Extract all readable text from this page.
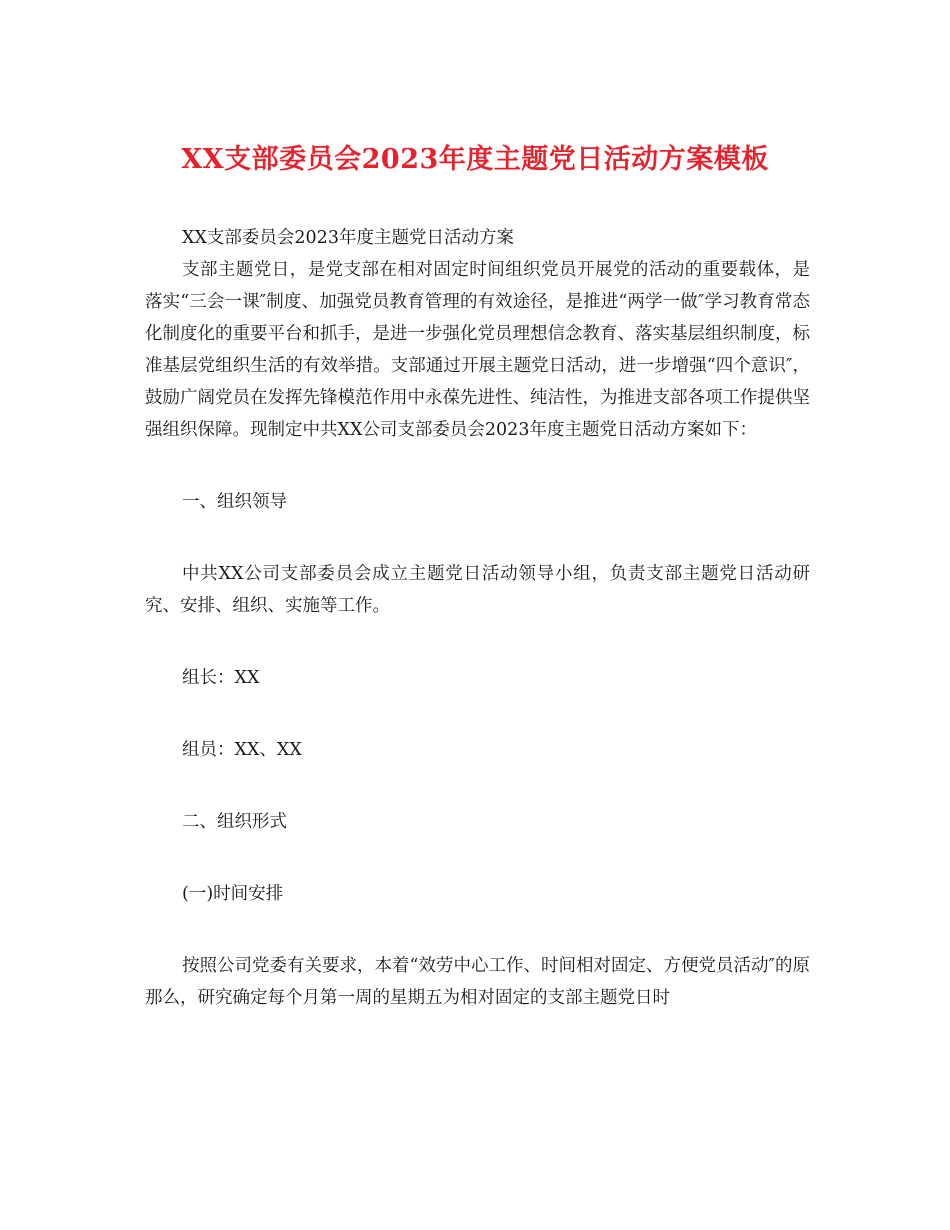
XX支部委员会2023年度主题党日活动方案模板

XX支部委员会2023年度主题党日活动方案

支部主题党日，是党支部在相对固定时间组织党员开展党的活动的重要载体，是落实“三会一课″制度、加强党员教育管理的有效途径，是推进“两学一做″学习教育常态化制度化的重要平台和抓手，是进一步强化党员理想信念教育、落实基层组织制度，标准基层党组织生活的有效举措。支部通过开展主题党日活动，进一步增强“四个意识″，鼓励广阔党员在发挥先锋模范作用中永葆先进性、纯洁性，为推进支部各项工作提供坚强组织保障。现制定中共XX公司支部委员会2023年度主题党日活动方案如下：

一、组织领导

中共XX公司支部委员会成立主题党日活动领导小组，负责支部主题党日活动研究、安排、组织、实施等工作。

组长：XX

组员：XX、XX

二、组织形式

(一)时间安排

按照公司党委有关要求，本着“效劳中心工作、时间相对固定、方便党员活动″的原那么，研究确定每个月第一周的星期五为相对固定的支部主题党日时
